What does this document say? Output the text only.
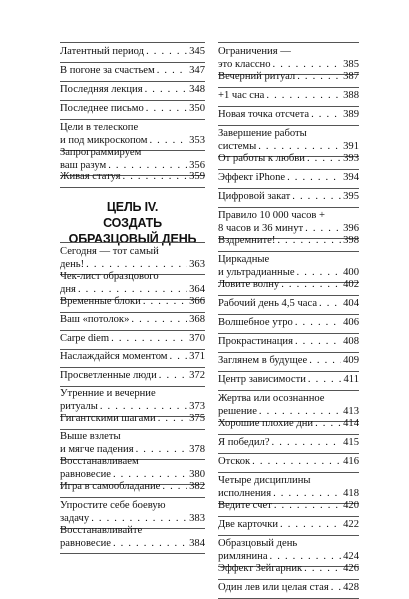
Латентный период . . .	345
В погоне за счастьем . . .	347
Последняя лекция . . .	348
Последнее письмо . . .	350
Цели в телескопе
и под микроскопом . . .	353
Запрограммируем
ваш разум . . .	356
Живая статуя . . .	359
ЦЕЛЬ IV.
СОЗДАТЬ ОБРАЗЦОВЫЙ ДЕНЬ
Сегодня — тот самый
день! . . .	363
Чек-лист образцового
дня . . .	364
Временные блоки . . .	366
Ваш «потолок» . . .	368
Carpe diem . . .	370
Наслаждайся моментом . . . 371
Просветленные люди . . .	372
Утренние и вечерние
ритуалы . . .	373
Гигантскими шагами . . .	375
Выше взлеты
и мягче падения . . .	378
Восстанавливаем
равновесие . . .	380
Игра в самообладание . . .	382
Упростите себе боевую
задачу . . .	383
Восстанавливайте
равновесие . . .	384
Ограничения —
это классно . . .	385
Вечерний ритуал . . .	387
+1 час сна . . .	388
Новая точка отсчета . . .	389
Завершение работы
системы . . .	391
От работы к любви . . .	393
Эффект iPhone . . .	394
Цифровой закат . . .	395
Правило 10 000 часов +
8 часов и 36 минут . . .	396
Вздремните! . . .	398
Циркадные
и ультрадианные . . .	400
Ловите волну . . .	402
Рабочий день 4,5 часа . . . 404
Волшебное утро . . .	406
Прокрастинация . . .	408
Заглянем в будущее . . .	409
Центр зависимости . . .	411
Жертва или осознанное
решение . . .	413
Хорошие плохие дни . . .	414
Я победил? . . .	415
Отскок . . .	416
Четыре дисциплины
исполнения . . .	418
Ведите счет . . .	420
Две карточки . . .	422
Образцовый день
римлянина . . .	424
Эффект Зейгарник . . .	426
Один лев или целая стая . . . 428
